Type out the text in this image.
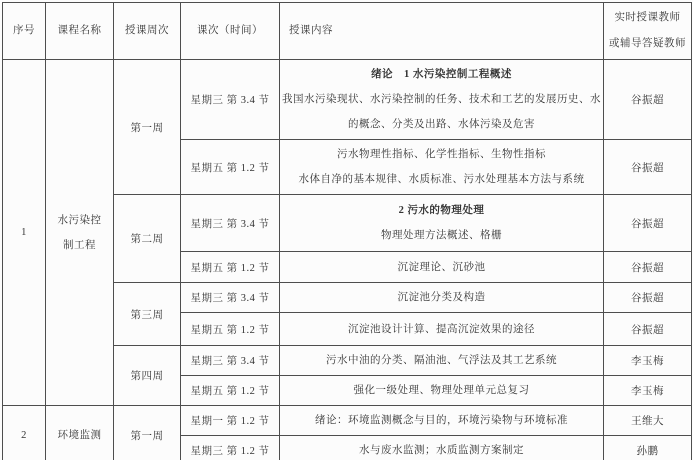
序号	课程名称	授课周次	课次（时间）	授课内容	实时授课教师
或辅导答疑教师

1	水污染控制工程	第一周	星期三 第 3.4 节	绪论　1 水污染控制工程概述
我国水污染现状、水污染控制的任务、技术和工艺的发展历史、水的概念、分类及出路、水体污染及危害	谷振超
			星期五 第 1.2 节	污水物理性指标、化学性指标、生物性指标
水体自净的基本规律、水质标准、污水处理基本方法与系统	谷振超
		第二周	星期三 第 3.4 节	2 污水的物理处理
物理处理方法概述、格栅	谷振超
			星期五 第 1.2 节	沉淀理论、沉砂池	谷振超
		第三周	星期三 第 3.4 节	沉淀池分类及构造	谷振超
			星期五 第 1.2 节	沉淀池设计计算、提高沉淀效果的途径	谷振超
		第四周	星期三 第 3.4 节	污水中油的分类、隔油池、气浮法及其工艺系统	李玉梅
			星期五 第 1.2 节	强化一级处理、物理处理单元总复习	李玉梅
2	环境监测	第一周	星期一 第 1.2 节	绪论：环境监测概念与目的，环境污染物与环境标准	王维大
			星期三 第 1.2 节	水与废水监测；水质监测方案制定	孙鹏
